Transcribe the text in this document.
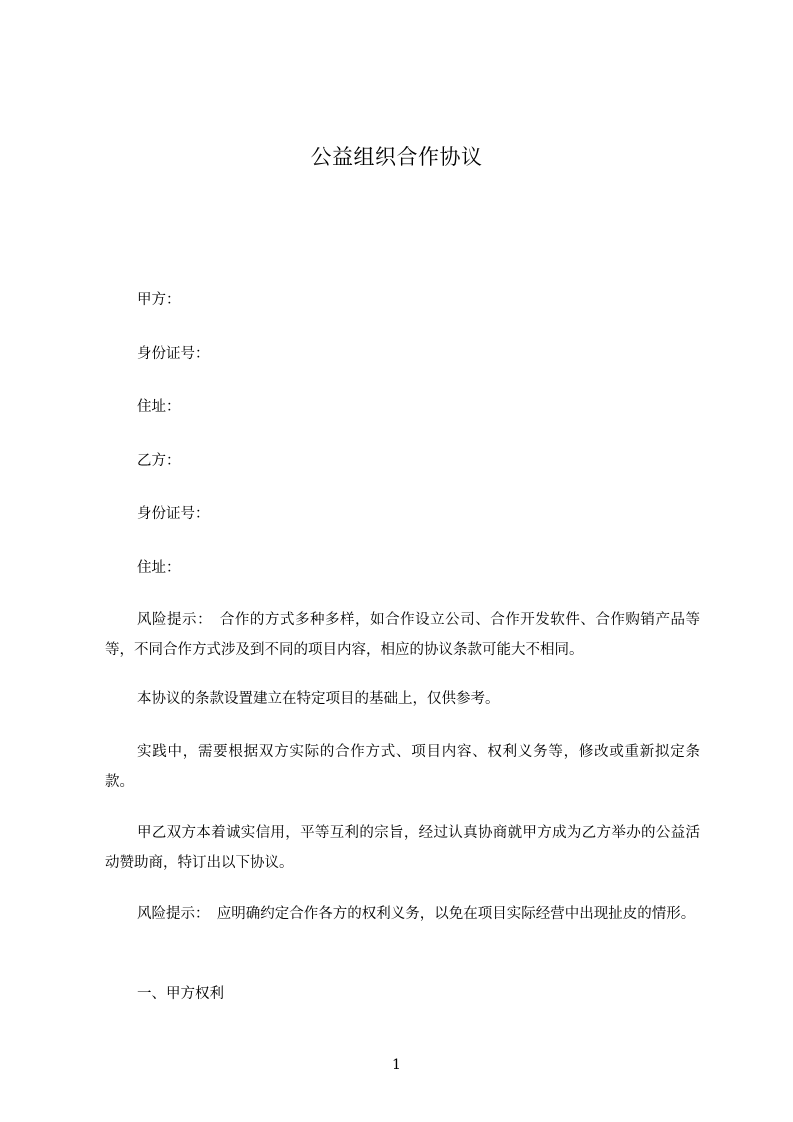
公益组织合作协议
甲方：
身份证号：
住址：
乙方：
身份证号：
住址：
风险提示：　合作的方式多种多样，如合作设立公司、合作开发软件、合作购销产品等等，不同合作方式涉及到不同的项目内容，相应的协议条款可能大不相同。
本协议的条款设置建立在特定项目的基础上，仅供参考。
实践中，需要根据双方实际的合作方式、项目内容、权利义务等，修改或重新拟定条款。
甲乙双方本着诚实信用，平等互利的宗旨，经过认真协商就甲方成为乙方举办的公益活动赞助商，特订出以下协议。
风险提示：　应明确约定合作各方的权利义务，以免在项目实际经营中出现扯皮的情形。
一、甲方权利
1
